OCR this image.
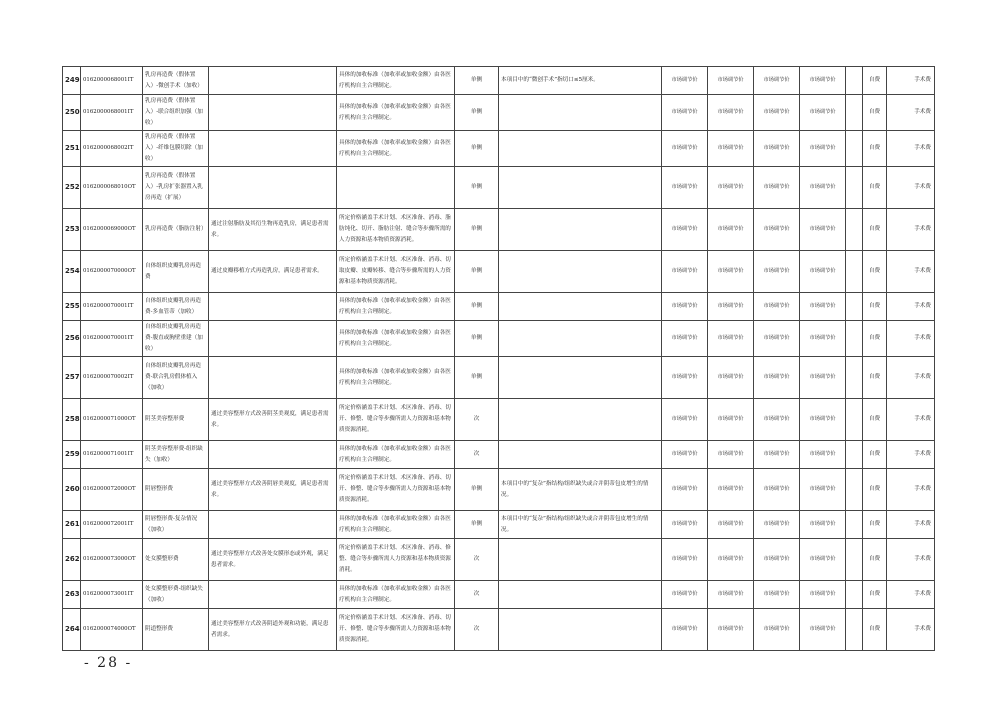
249	0162000068001IT	乳房再造费（假体置入）-微创手术（加收）		具体的加收标准（加收率或加收金额）由各医疗机构自主合理制定。	单侧	本项目中的“微创手术”指切口≤5厘米。	市场调节价	市场调节价	市场调节价	市场调节价		自费	手术费
250	0162000068001IT	乳房再造费（假体置入）-联合组织加强（加收）		具体的加收标准（加收率或加收金额）由各医疗机构自主合理制定。	单侧		市场调节价	市场调节价	市场调节价	市场调节价		自费	手术费
251	0162000068002IT	乳房再造费（假体置入）-纤维包膜切除（加收）		具体的加收标准（加收率或加收金额）由各医疗机构自主合理制定。	单侧		市场调节价	市场调节价	市场调节价	市场调节价		自费	手术费
252	0162000068010OT	乳房再造费（假体置入）-乳房扩张器置入乳房再造（扩展）			单侧		市场调节价	市场调节价	市场调节价	市场调节价		自费	手术费
253	0162000069000OT	乳房再造费（脂肪注射）	通过注射脂肪及其衍生物再造乳房，满足患者需求。	所定价格涵盖手术计划、术区准备、消毒、脂肪纯化、切开、脂肪注射、缝合等步骤所需的人力资源和基本物质资源消耗。	单侧		市场调节价	市场调节价	市场调节价	市场调节价		自费	手术费
254	0162000070000OT	自体组织皮瓣乳房再造费	通过皮瓣移植方式再造乳房，满足患者需求。	所定价格涵盖手术计划、术区准备、消毒、切取皮瓣、皮瓣转移、缝合等步骤所需的人力资源和基本物质资源消耗。	单侧		市场调节价	市场调节价	市场调节价	市场调节价		自费	手术费
255	0162000070001IT	自体组织皮瓣乳房再造费-多血管蒂（加收）		具体的加收标准（加收率或加收金额）由各医疗机构自主合理制定。	单侧		市场调节价	市场调节价	市场调节价	市场调节价		自费	手术费
256	0162000070001IT	自体组织皮瓣乳房再造费-腹直或胸壁重建（加收）		具体的加收标准（加收率或加收金额）由各医疗机构自主合理制定。	单侧		市场调节价	市场调节价	市场调节价	市场调节价		自费	手术费
257	0162000070002IT	自体组织皮瓣乳房再造费-联合乳房假体植入（加收）		具体的加收标准（加收率或加收金额）由各医疗机构自主合理制定。	单侧		市场调节价	市场调节价	市场调节价	市场调节价		自费	手术费
258	0162000071000OT	阴茎美容整形费	通过美容整形方式改善阴茎美观度，满足患者需求。	所定价格涵盖手术计划、术区准备、消毒、切开、修整、缝合等步骤所需人力资源和基本物质资源消耗。	次		市场调节价	市场调节价	市场调节价	市场调节价		自费	手术费
259	0162000071001IT	阴茎美容整形费-组织缺失（加收）		具体的加收标准（加收率或加收金额）由各医疗机构自主合理制定。	次		市场调节价	市场调节价	市场调节价	市场调节价		自费	手术费
260	0162000072000OT	阴唇整形费	通过美容整形方式改善阴唇美观度，满足患者需求。	所定价格涵盖手术计划、术区准备、消毒、切开、修整、缝合等步骤所需人力资源和基本物质资源消耗。	单侧	本项目中的“复杂”指结构/组织缺失或合并阴蒂包皮增生的情况。	市场调节价	市场调节价	市场调节价	市场调节价		自费	手术费
261	0162000072001IT	阴唇整形费-复杂情况（加收）		具体的加收标准（加收率或加收金额）由各医疗机构自主合理制定。	单侧	本项目中的“复杂”指结构/组织缺失或合并阴蒂包皮增生的情况。	市场调节价	市场调节价	市场调节价	市场调节价		自费	手术费
262	0162000073000OT	处女膜整形费	通过美容整形方式改善处女膜形态或外观，满足患者需求。	所定价格涵盖手术计划、术区准备、消毒、修整、缝合等步骤所需人力资源和基本物质资源消耗。	次		市场调节价	市场调节价	市场调节价	市场调节价		自费	手术费
263	0162000073001IT	处女膜整形费-组织缺失（加收）		具体的加收标准（加收率或加收金额）由各医疗机构自主合理制定。	次		市场调节价	市场调节价	市场调节价	市场调节价		自费	手术费
264	0162000074000OT	阴道整形费	通过美容整形方式改善阴道外观和功能，满足患者需求。	所定价格涵盖手术计划、术区准备、消毒、切开、修整、缝合等步骤所需人力资源和基本物质资源消耗。	次		市场调节价	市场调节价	市场调节价	市场调节价		自费	手术费
- 28 -
